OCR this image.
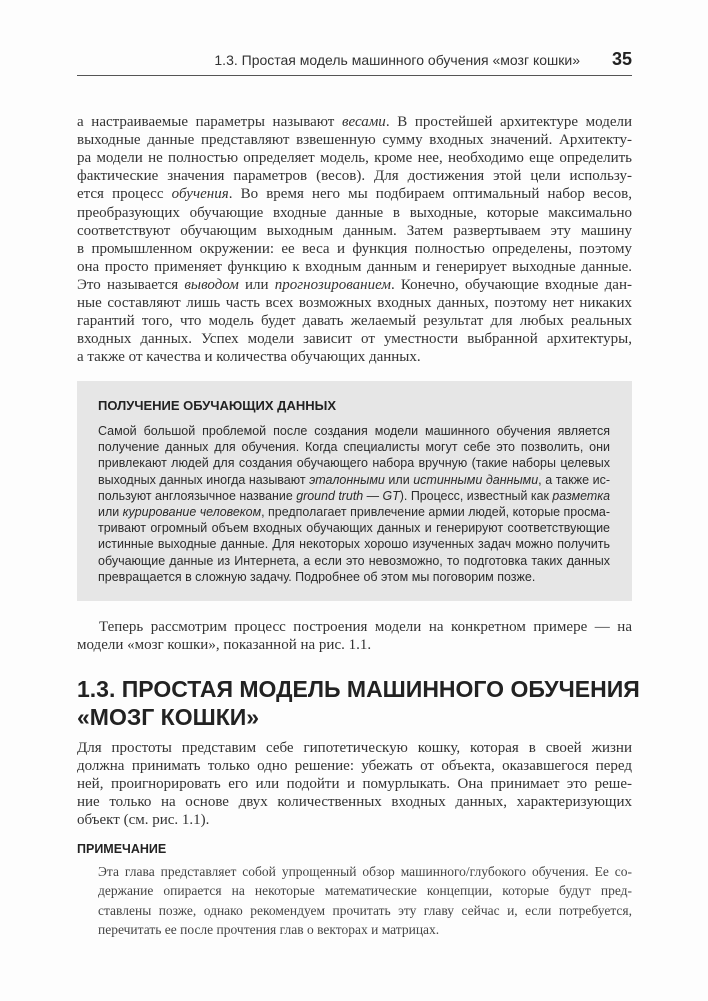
1.3. Простая модель машинного обучения «мозг кошки»	35
ПОЛУЧЕНИЕ ОБУЧАЮЩИХ ДАННЫХ
1.3. ПРОСТАЯ МОДЕЛЬ МАШИННОГО ОБУЧЕНИЯ
«МОЗГ КОШКИ»
ПРИМЕЧАНИЕ
а настраиваемые параметры называют весами. В простейшей архитектуре модели
выходные данные представляют взвешенную сумму входных значений. Архитекту-
ра модели не полностью определяет модель, кроме нее, необходимо еще определить
фактические значения параметров (весов). Для достижения этой цели использу-
ется процесс обучения. Во время него мы подбираем оптимальный набор весов,
преобразующих обучающие входные данные в выходные, которые максимально
соответствуют обучающим выходным данным. Затем развертываем эту машину
в промышленном окружении: ее веса и функция полностью определены, поэтому
она просто применяет функцию к входным данным и генерирует выходные данные.
Это называется выводом или прогнозированием. Конечно, обучающие входные дан-
ные составляют лишь часть всех возможных входных данных, поэтому нет никаких
гарантий того, что модель будет давать желаемый результат для любых реальных
входных данных. Успех модели зависит от уместности выбранной архитектуры,
а также от качества и количества обучающих данных.
Самой большой проблемой после создания модели машинного обучения является
получение данных для обучения. Когда специалисты могут себе это позволить, они
привлекают людей для создания обучающего набора вручную (такие наборы целевых
выходных данных иногда называют эталонными или истинными данными, а также ис-
пользуют англоязычное название ground truth — GT). Процесс, известный как разметка
или курирование человеком, предполагает привлечение армии людей, которые просма-
тривают огромный объем входных обучающих данных и генерируют соответствующие
истинные выходные данные. Для некоторых хорошо изученных задач можно получить
обучающие данные из Интернета, а если это невозможно, то подготовка таких данных
превращается в сложную задачу. Подробнее об этом мы поговорим позже.
Теперь рассмотрим процесс построения модели на конкретном примере — на
модели «мозг кошки», показанной на рис. 1.1.
Для простоты представим себе гипотетическую кошку, которая в своей жизни
должна принимать только одно решение: убежать от объекта, оказавшегося перед
ней, проигнорировать его или подойти и помурлыкать. Она принимает это реше-
ние только на основе двух количественных входных данных, характеризующих
объект (см. рис. 1.1).
Эта глава представляет собой упрощенный обзор машинного/глубокого обучения. Ее со-
держание опирается на некоторые математические концепции, которые будут пред-
ставлены позже, однако рекомендуем прочитать эту главу сейчас и, если потребуется,
перечитать ее после прочтения глав о векторах и матрицах.
